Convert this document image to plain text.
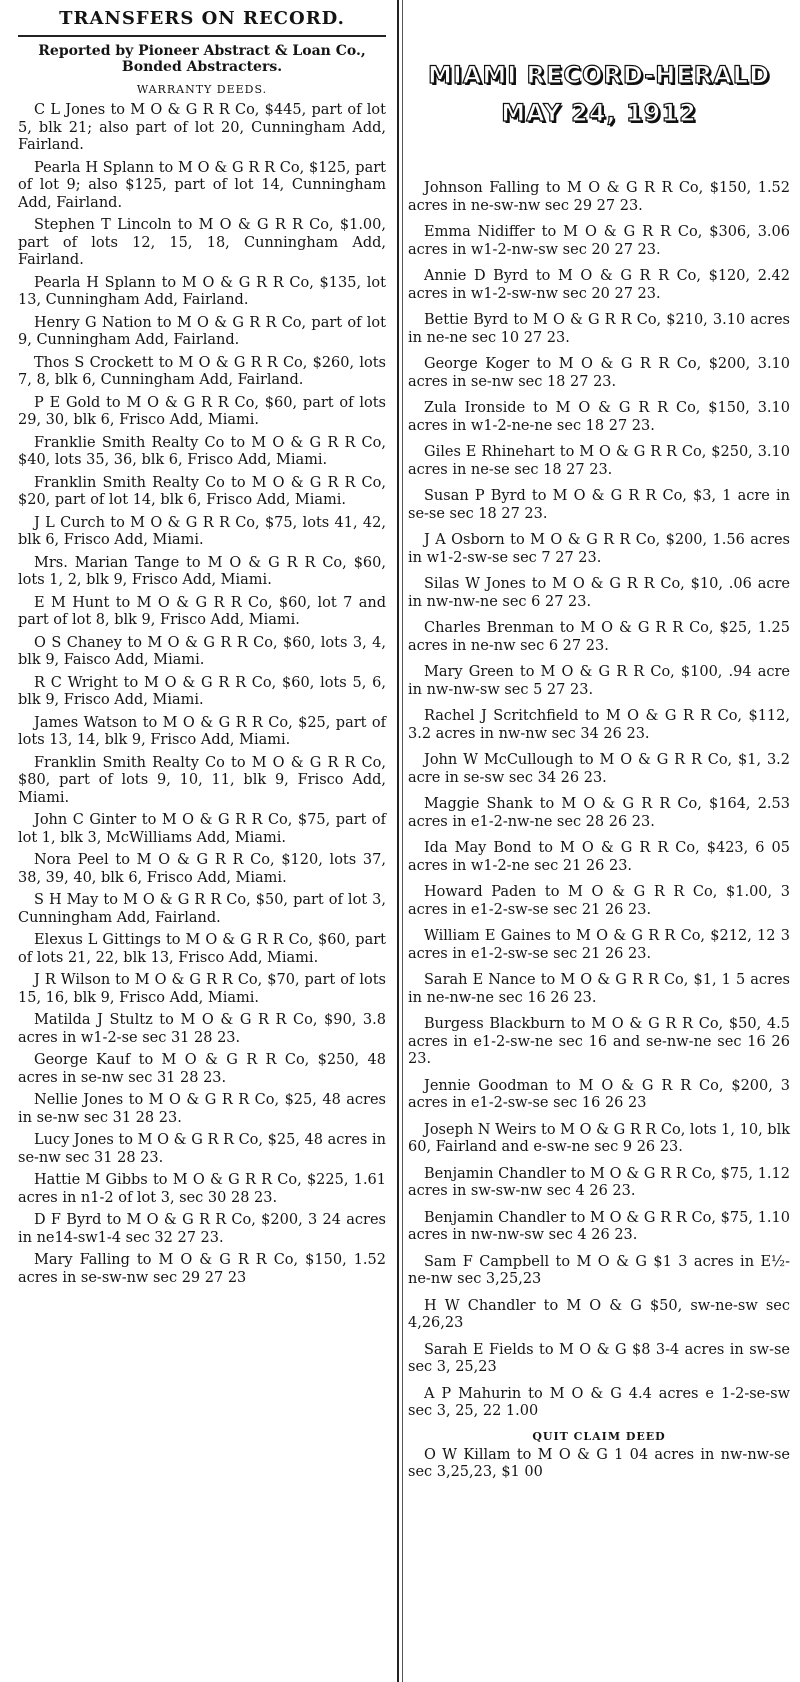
TRANSFERS ON RECORD.
Reported by Pioneer Abstract & Loan Co., Bonded Abstracters.
WARRANTY DEEDS.

C L Jones to M O & G R R Co, $445, part of lot 5, blk 21; also part of lot 20, Cunningham Add, Fairland.

Pearla H Splann to M O & G R R Co, $125, part of lot 9; also $125, part of lot 14, Cunningham Add, Fairland.

Stephen T Lincoln to M O & G R R Co, $1.00, part of lots 12, 15, 18, Cunningham Add, Fairland.

Pearla H Splann to M O & G R R Co, $135, lot 13, Cunningham Add, Fairland.

Henry G Nation to M O & G R R Co, part of lot 9, Cunningham Add, Fairland.

Thos S Crockett to M O & G R R Co, $260, lots 7, 8, blk 6, Cunningham Add, Fairland.

P E Gold to M O & G R R Co, $60, part of lots 29, 30, blk 6, Frisco Add, Miami.

Franklie Smith Realty Co to M O & G R R Co, $40, lots 35, 36, blk 6, Frisco Add, Miami.

Franklin Smith Realty Co to M O & G R R Co, $20, part of lot 14, blk 6, Frisco Add, Miami.

J L Curch to M O & G R R Co, $75, lots 41, 42, blk 6, Frisco Add, Miami.

Mrs. Marian Tange to M O & G R R Co, $60, lots 1, 2, blk 9, Frisco Add, Miami.

E M Hunt to M O & G R R Co, $60, lot 7 and part of lot 8, blk 9, Frisco Add, Miami.

O S Chaney to M O & G R R Co, $60, lots 3, 4, blk 9, Faisco Add, Miami.

R C Wright to M O & G R R Co, $60, lots 5, 6, blk 9, Frisco Add, Miami.

James Watson to M O & G R R Co, $25, part of lots 13, 14, blk 9, Frisco Add, Miami.

Franklin Smith Realty Co to M O & G R R Co, $80, part of lots 9, 10, 11, blk 9, Frisco Add, Miami.

John C Ginter to M O & G R R Co, $75, part of lot 1, blk 3, McWilliams Add, Miami.

Nora Peel to M O & G R R Co, $120, lots 37, 38, 39, 40, blk 6, Frisco Add, Miami.

S H May to M O & G R R Co, $50, part of lot 3, Cunningham Add, Fairland.

Elexus L Gittings to M O & G R R Co, $60, part of lots 21, 22, blk 13, Frisco Add, Miami.

J R Wilson to M O & G R R Co, $70, part of lots 15, 16, blk 9, Frisco Add, Miami.

Matilda J Stultz to M O & G R R Co, $90, 3.8 acres in w1-2-se sec 31 28 23.

George Kauf to M O & G R R Co, $250, 48 acres in se-nw sec 31 28 23.

Nellie Jones to M O & G R R Co, $25, 48 acres in se-nw sec 31 28 23.

Lucy Jones to M O & G R R Co, $25, 48 acres in se-nw sec 31 28 23.

Hattie M Gibbs to M O & G R R Co, $225, 1.61 acres in n1-2 of lot 3, sec 30 28 23.

D F Byrd to M O & G R R Co, $200, 3 24 acres in ne14-sw1-4 sec 32 27 23.

Mary Falling to M O & G R R Co, $150, 1.52 acres in se-sw-nw sec 29 27 23

MIAMI RECORD-HERALD
MAY 24, 1912

Johnson Falling to M O & G R R Co, $150, 1.52 acres in ne-sw-nw sec 29 27 23.

Emma Nidiffer to M O & G R R Co, $306, 3.06 acres in w1-2-nw-sw sec 20 27 23.

Annie D Byrd to M O & G R R Co, $120, 2.42 acres in w1-2-sw-nw sec 20 27 23.

Bettie Byrd to M O & G R R Co, $210, 3.10 acres in ne-ne sec 10 27 23.

George Koger to M O & G R R Co, $200, 3.10 acres in se-nw sec 18 27 23.

Zula Ironside to M O & G R R Co, $150, 3.10 acres in w1-2-ne-ne sec 18 27 23.

Giles E Rhinehart to M O & G R R Co, $250, 3.10 acres in ne-se sec 18 27 23.

Susan P Byrd to M O & G R R Co, $3, 1 acre in se-se sec 18 27 23.

J A Osborn to M O & G R R Co, $200, 1.56 acres in w1-2-sw-se sec 7 27 23.

Silas W Jones to M O & G R R Co, $10, .06 acre in nw-nw-ne sec 6 27 23.

Charles Brenman to M O & G R R Co, $25, 1.25 acres in ne-nw sec 6 27 23.

Mary Green to M O & G R R Co, $100, .94 acre in nw-nw-sw sec 5 27 23.

Rachel J Scritchfield to M O & G R R Co, $112, 3.2 acres in nw-nw sec 34 26 23.

John W McCullough to M O & G R R Co, $1, 3.2 acre in se-sw sec 34 26 23.

Maggie Shank to M O & G R R Co, $164, 2.53 acres in e1-2-nw-ne sec 28 26 23.

Ida May Bond to M O & G R R Co, $423, 6 05 acres in w1-2-ne sec 21 26 23.

Howard Paden to M O & G R R Co, $1.00, 3 acres in e1-2-sw-se sec 21 26 23.

William E Gaines to M O & G R R Co, $212, 12 3 acres in e1-2-sw-se sec 21 26 23.

Sarah E Nance to M O & G R R Co, $1, 1 5 acres in ne-nw-ne sec 16 26 23.

Burgess Blackburn to M O & G R R Co, $50, 4.5 acres in e1-2-sw-ne sec 16 and se-nw-ne sec 16 26 23.

Jennie Goodman to M O & G R R Co, $200, 3 acres in e1-2-sw-se sec 16 26 23

Joseph N Weirs to M O & G R R Co, lots 1, 10, blk 60, Fairland and e-sw-ne sec 9 26 23.

Benjamin Chandler to M O & G R R Co, $75, 1.12 acres in sw-sw-nw sec 4 26 23.

Benjamin Chandler to M O & G R R Co, $75, 1.10 acres in nw-nw-sw sec 4 26 23.

Sam F Campbell to M O & G $1 3 acres in E½-ne-nw sec 3,25,23

H W Chandler to M O & G $50, sw-ne-sw sec 4,26,23

Sarah E Fields to M O & G $8 3-4 acres in sw-se sec 3, 25,23

A P Mahurin to M O & G 4.4 acres e 1-2-se-sw sec 3, 25, 22 1.00

QUIT CLAIM DEED

O W Killam to M O & G 1 04 acres in nw-nw-se sec 3,25,23, $1 00
